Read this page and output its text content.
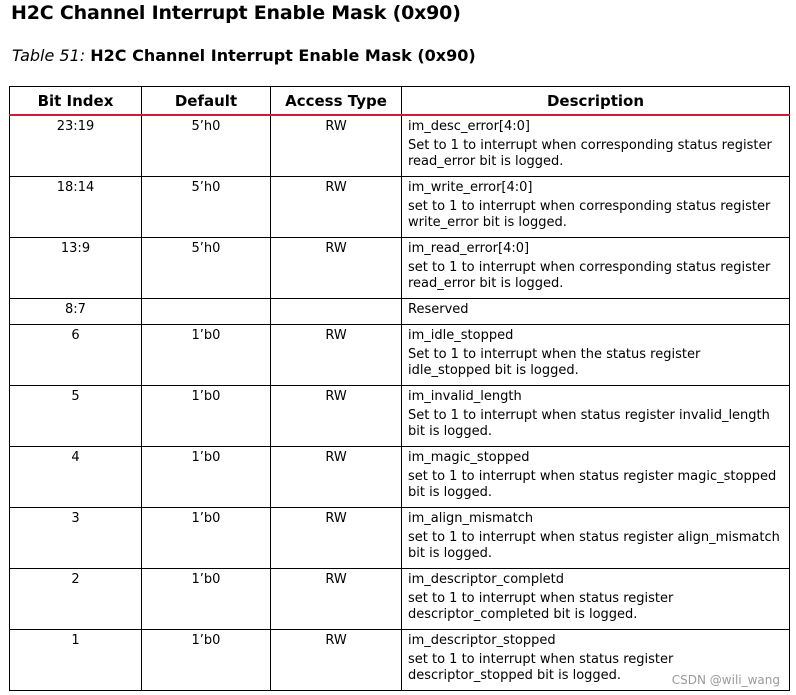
H2C Channel Interrupt Enable Mask (0x90)
Table 51: H2C Channel Interrupt Enable Mask (0x90)
Bit Index	Default	Access Type	Description
23:19	5’h0	RW	im_desc_error[4:0]
Set to 1 to interrupt when corresponding status register read_error bit is logged.

18:14	5’h0	RW	im_write_error[4:0]
set to 1 to interrupt when corresponding status register write_error bit is logged.

13:9	5’h0	RW	im_read_error[4:0]
set to 1 to interrupt when corresponding status register read_error bit is logged.

8:7			Reserved

6	1’b0	RW	im_idle_stopped
Set to 1 to interrupt when the status register idle_stopped bit is logged.

5	1’b0	RW	im_invalid_length
Set to 1 to interrupt when status register invalid_length bit is logged.

4	1’b0	RW	im_magic_stopped
set to 1 to interrupt when status register magic_stopped bit is logged.

3	1’b0	RW	im_align_mismatch
set to 1 to interrupt when status register align_mismatch bit is logged.

2	1’b0	RW	im_descriptor_completd
set to 1 to interrupt when status register descriptor_completed bit is logged.

1	1’b0	RW	im_descriptor_stopped
set to 1 to interrupt when status register descriptor_stopped bit is logged.	CSDN @wili_wang
